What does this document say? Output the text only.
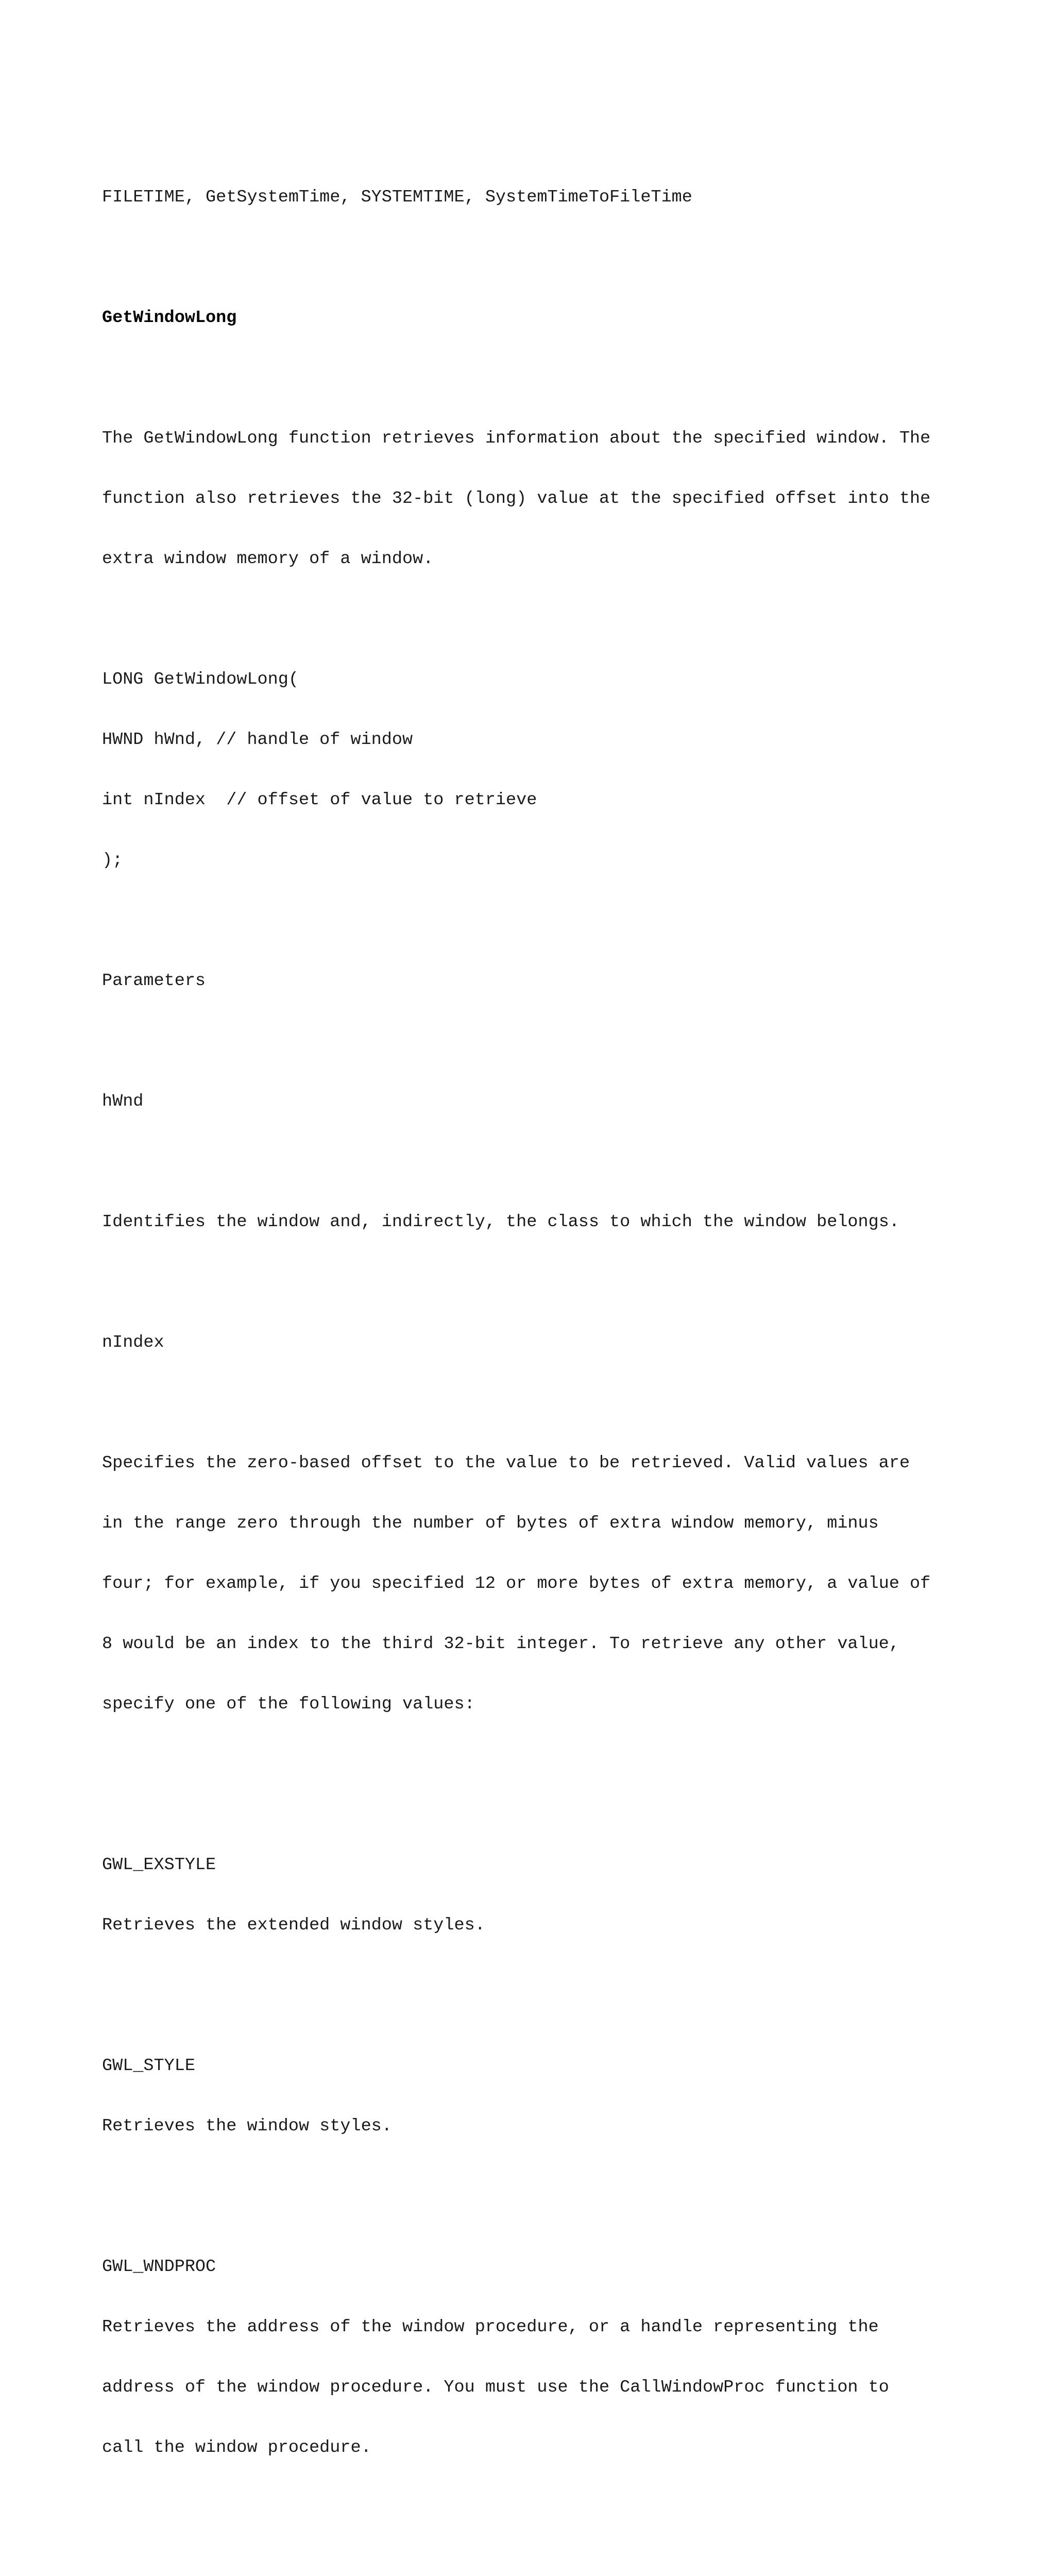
FILETIME, GetSystemTime, SYSTEMTIME, SystemTimeToFileTime

GetWindowLong

The GetWindowLong function retrieves information about the specified window. The

function also retrieves the 32-bit (long) value at the specified offset into the

extra window memory of a window.

LONG GetWindowLong(

HWND hWnd, // handle of window

int nIndex  // offset of value to retrieve

);

Parameters

hWnd

Identifies the window and, indirectly, the class to which the window belongs.

nIndex

Specifies the zero-based offset to the value to be retrieved. Valid values are

in the range zero through the number of bytes of extra window memory, minus

four; for example, if you specified 12 or more bytes of extra memory, a value of

8 would be an index to the third 32-bit integer. To retrieve any other value,

specify one of the following values:

GWL_EXSTYLE

Retrieves the extended window styles.

GWL_STYLE

Retrieves the window styles.

GWL_WNDPROC

Retrieves the address of the window procedure, or a handle representing the

address of the window procedure. You must use the CallWindowProc function to

call the window procedure.
